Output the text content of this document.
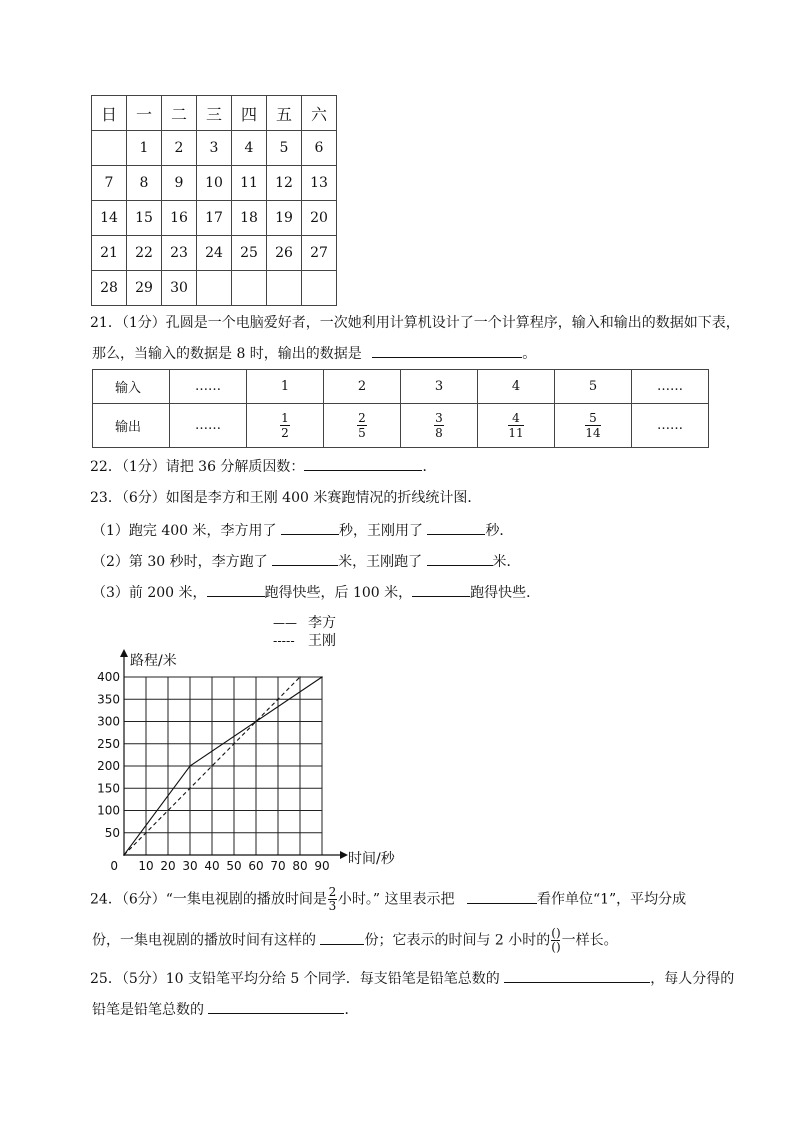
日	一	二	三	四	五	六
	1	2	3	4	5	6
7	8	9	10	11	12	13
14	15	16	17	18	19	20
21	22	23	24	25	26	27
28	29	30				
21．（1分）孔圆是一个电脑爱好者，一次她利用计算机设计了一个计算程序，输入和输出的数据如下表，
那么，当输入的数据是 8 时，输出的数据是	。
输入	……	1	2	3	4	5	……
输出	……	$\frac{1}{2}$	$\frac{2}{5}$	$\frac{3}{8}$	$\frac{4}{11}$	$\frac{5}{14}$	……
22．（1分）请把 36 分解质因数：	．
23．（6分）如图是李方和王刚 400 米赛跑情况的折线统计图．
（1）跑完 400 米，李方用了	秒，王刚用了	秒．
（2）第 30 秒时，李方跑了	米，王刚跑了	米．
（3）前 200 米，	跑得快些，后 100 米，	跑得快些．
0 10 20 30 40 50 60 70 80 90
50
100
150
200
250
300
350
400
路程/米
时间/秒
—— 李方
----- 王刚
24．（6分）“一集电视剧的播放时间是 $\frac{2}{3}$ 小时。” 这里表示把	看作单位“1”，平均分成
份，一集电视剧的播放时间有这样的	份；它表示的时间与 2 小时的 ()
() 一样长。
25．（5分）10 支铅笔平均分给 5 个同学．每支铅笔是铅笔总数的	，每人分得的
铅笔是铅笔总数的	．
